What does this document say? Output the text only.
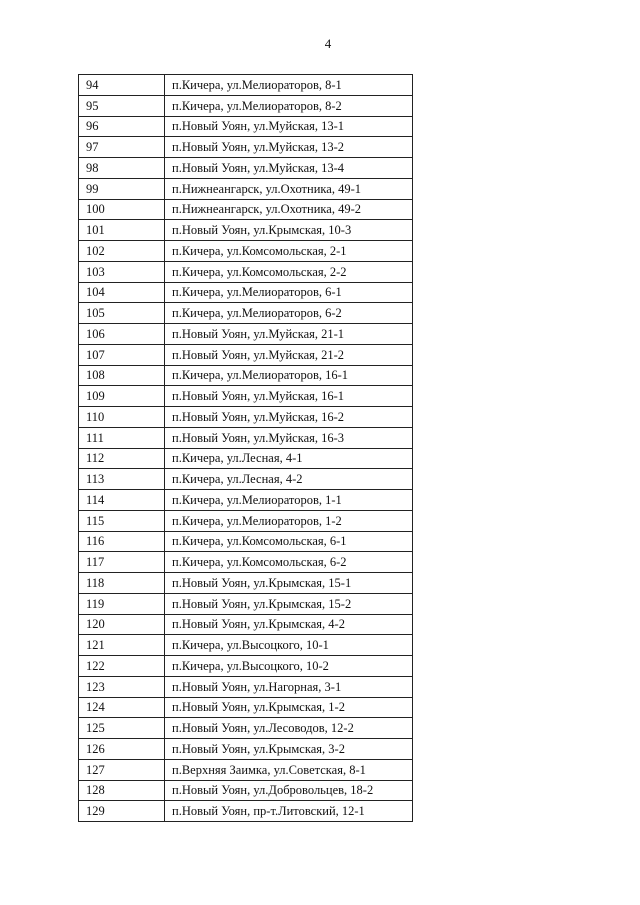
4
94	п.Кичера, ул.Мелиораторов, 8-1
95	п.Кичера, ул.Мелиораторов, 8-2
96	п.Новый Уоян, ул.Муйская, 13-1
97	п.Новый Уоян, ул.Муйская, 13-2
98	п.Новый Уоян, ул.Муйская, 13-4
99	п.Нижнеангарск, ул.Охотника, 49-1
100	п.Нижнеангарск, ул.Охотника, 49-2
101	п.Новый Уоян, ул.Крымская, 10-3
102	п.Кичера, ул.Комсомольская, 2-1
103	п.Кичера, ул.Комсомольская, 2-2
104	п.Кичера, ул.Мелиораторов, 6-1
105	п.Кичера, ул.Мелиораторов, 6-2
106	п.Новый Уоян, ул.Муйская, 21-1
107	п.Новый Уоян, ул.Муйская, 21-2
108	п.Кичера, ул.Мелиораторов, 16-1
109	п.Новый Уоян, ул.Муйская, 16-1
110	п.Новый Уоян, ул.Муйская, 16-2
111	п.Новый Уоян, ул.Муйская, 16-3
112	п.Кичера, ул.Лесная, 4-1
113	п.Кичера, ул.Лесная, 4-2
114	п.Кичера, ул.Мелиораторов, 1-1
115	п.Кичера, ул.Мелиораторов, 1-2
116	п.Кичера, ул.Комсомольская, 6-1
117	п.Кичера, ул.Комсомольская, 6-2
118	п.Новый Уоян, ул.Крымская, 15-1
119	п.Новый Уоян, ул.Крымская, 15-2
120	п.Новый Уоян, ул.Крымская, 4-2
121	п.Кичера, ул.Высоцкого, 10-1
122	п.Кичера, ул.Высоцкого, 10-2
123	п.Новый Уоян, ул.Нагорная, 3-1
124	п.Новый Уоян, ул.Крымская, 1-2
125	п.Новый Уоян, ул.Лесоводов, 12-2
126	п.Новый Уоян, ул.Крымская, 3-2
127	п.Верхняя Заимка, ул.Советская, 8-1
128	п.Новый Уоян, ул.Добровольцев, 18-2
129	п.Новый Уоян, пр-т.Литовский, 12-1
